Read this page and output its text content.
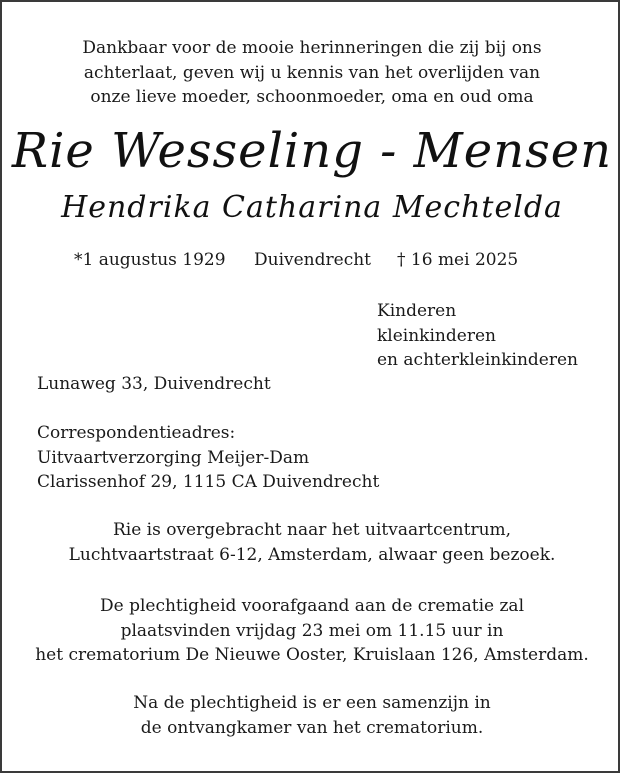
Dankbaar voor de mooie herinneringen die zij bij ons
achterlaat, geven wij u kennis van het overlijden van
onze lieve moeder, schoonmoeder, oma en oud oma
Rie Wesseling - Mensen
Hendrika Catharina Mechtelda
*1 augustus 1929 Duivendrecht † 16 mei 2025
Kinderen
kleinkinderen
en achterkleinkinderen
Lunaweg 33, Duivendrecht
Correspondentieadres:
Uitvaartverzorging Meijer-Dam
Clarissenhof 29, 1115 CA Duivendrecht
Rie is overgebracht naar het uitvaartcentrum,
Luchtvaartstraat 6-12, Amsterdam, alwaar geen bezoek.
De plechtigheid voorafgaand aan de crematie zal
plaatsvinden vrijdag 23 mei om 11.15 uur in
het crematorium De Nieuwe Ooster, Kruislaan 126, Amsterdam.
Na de plechtigheid is er een samenzijn in
de ontvangkamer van het crematorium.
